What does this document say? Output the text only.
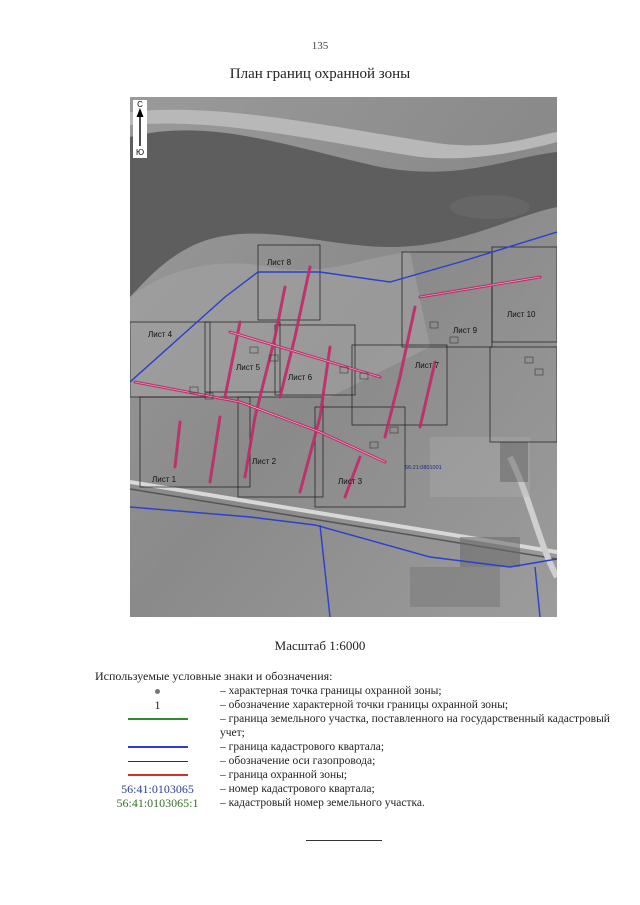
135
План границ охранной зоны
Лист 1
Лист 2
Лист 3
Лист 4
Лист 5
Лист 6
Лист 7
Лист 8
Лист 9
Лист 10
56:21:0801001
С
Ю
Масштаб 1:6000
Используемые условные знаки и обозначения:
– характерная точка границы охранной зоны;
1	– обозначение характерной точки границы охранной зоны;
– граница земельного участка, поставленного на государственный кадастровый учет;
– граница кадастрового квартала;
– обозначение оси газопровода;
– граница охранной зоны;
56:41:0103065 – номер кадастрового квартала;
56:41:0103065:1 – кадастровый номер земельного участка.
